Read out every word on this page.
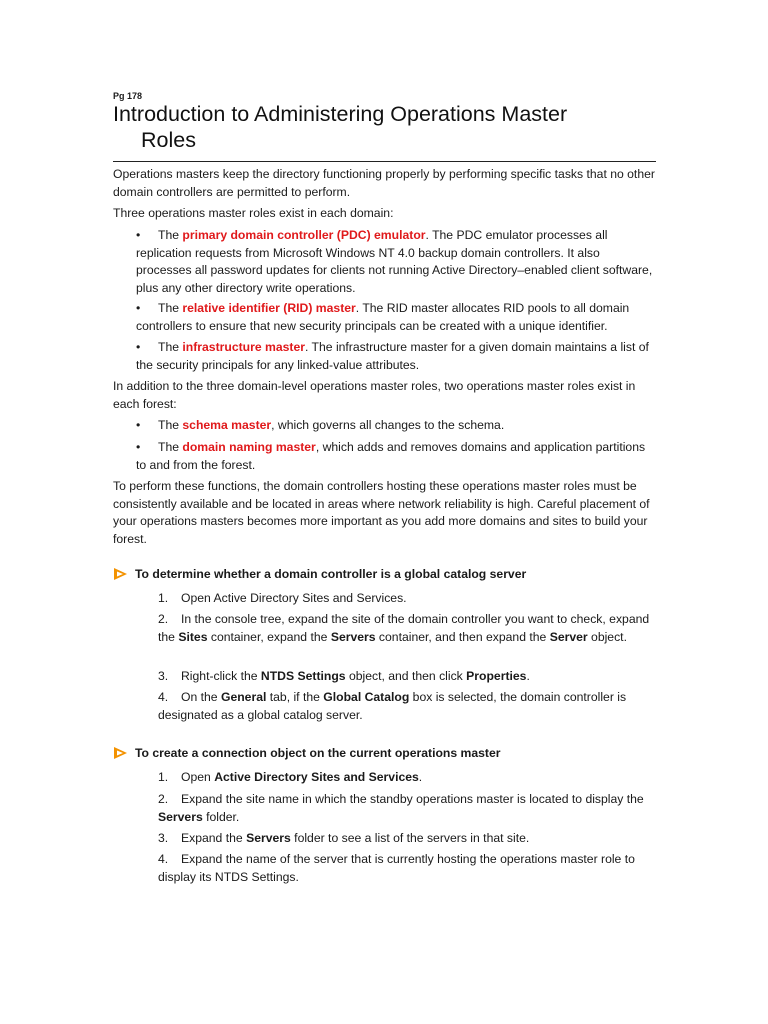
Pg 178
Introduction to Administering Operations Master
Roles

Operations masters keep the directory functioning properly by performing specific tasks that no other domain controllers are permitted to perform.

Three operations master roles exist in each domain:

• The primary domain controller (PDC) emulator. The PDC emulator processes all replication requests from Microsoft Windows NT 4.0 backup domain controllers. It also processes all password updates for clients not running Active Directory–enabled client software, plus any other directory write operations.

• The relative identifier (RID) master. The RID master allocates RID pools to all domain controllers to ensure that new security principals can be created with a unique identifier.

• The infrastructure master. The infrastructure master for a given domain maintains a list of the security principals for any linked-value attributes.

In addition to the three domain-level operations master roles, two operations master roles exist in each forest:

• The schema master, which governs all changes to the schema.

• The domain naming master, which adds and removes domains and application partitions to and from the forest.

To perform these functions, the domain controllers hosting these operations master roles must be consistently available and be located in areas where network reliability is high. Careful placement of your operations masters becomes more important as you add more domains and sites to build your forest.

To determine whether a domain controller is a global catalog server

1. Open Active Directory Sites and Services.

2. In the console tree, expand the site of the domain controller you want to check, expand the Sites container, expand the Servers container, and then expand the Server object.

3. Right-click the NTDS Settings object, and then click Properties.

4. On the General tab, if the Global Catalog box is selected, the domain controller is designated as a global catalog server.

To create a connection object on the current operations master

1. Open Active Directory Sites and Services.

2. Expand the site name in which the standby operations master is located to display the Servers folder.

3. Expand the Servers folder to see a list of the servers in that site.

4. Expand the name of the server that is currently hosting the operations master role to display its NTDS Settings.
